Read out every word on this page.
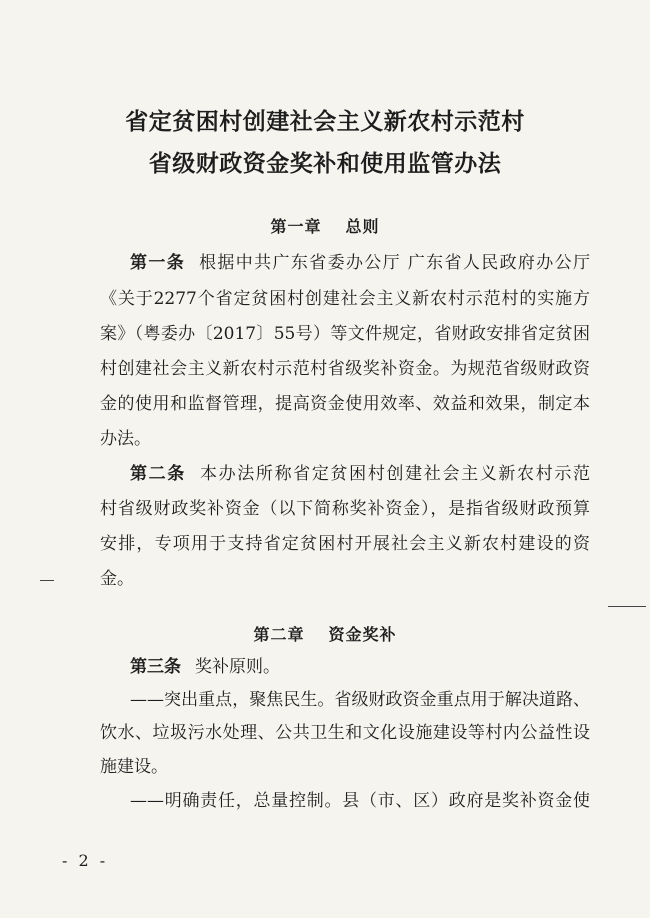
省定贫困村创建社会主义新农村示范村
省级财政资金奖补和使用监管办法
第一章 总则
第一条 根据中共广东省委办公厅 广东省人民政府办公厅
《关于2277个省定贫困村创建社会主义新农村示范村的实施方
案》（粤委办〔2017〕55号）等文件规定，省财政安排省定贫困
村创建社会主义新农村示范村省级奖补资金。为规范省级财政资
金的使用和监督管理，提高资金使用效率、效益和效果，制定本
办法。
第二条 本办法所称省定贫困村创建社会主义新农村示范
村省级财政奖补资金（以下简称奖补资金），是指省级财政预算
安排，专项用于支持省定贫困村开展社会主义新农村建设的资
金。
第二章 资金奖补
第三条 奖补原则。
——突出重点，聚焦民生。省级财政资金重点用于解决道路、
饮水、垃圾污水处理、公共卫生和文化设施建设等村内公益性设
施建设。
——明确责任，总量控制。县（市、区）政府是奖补资金使
- 2 -
